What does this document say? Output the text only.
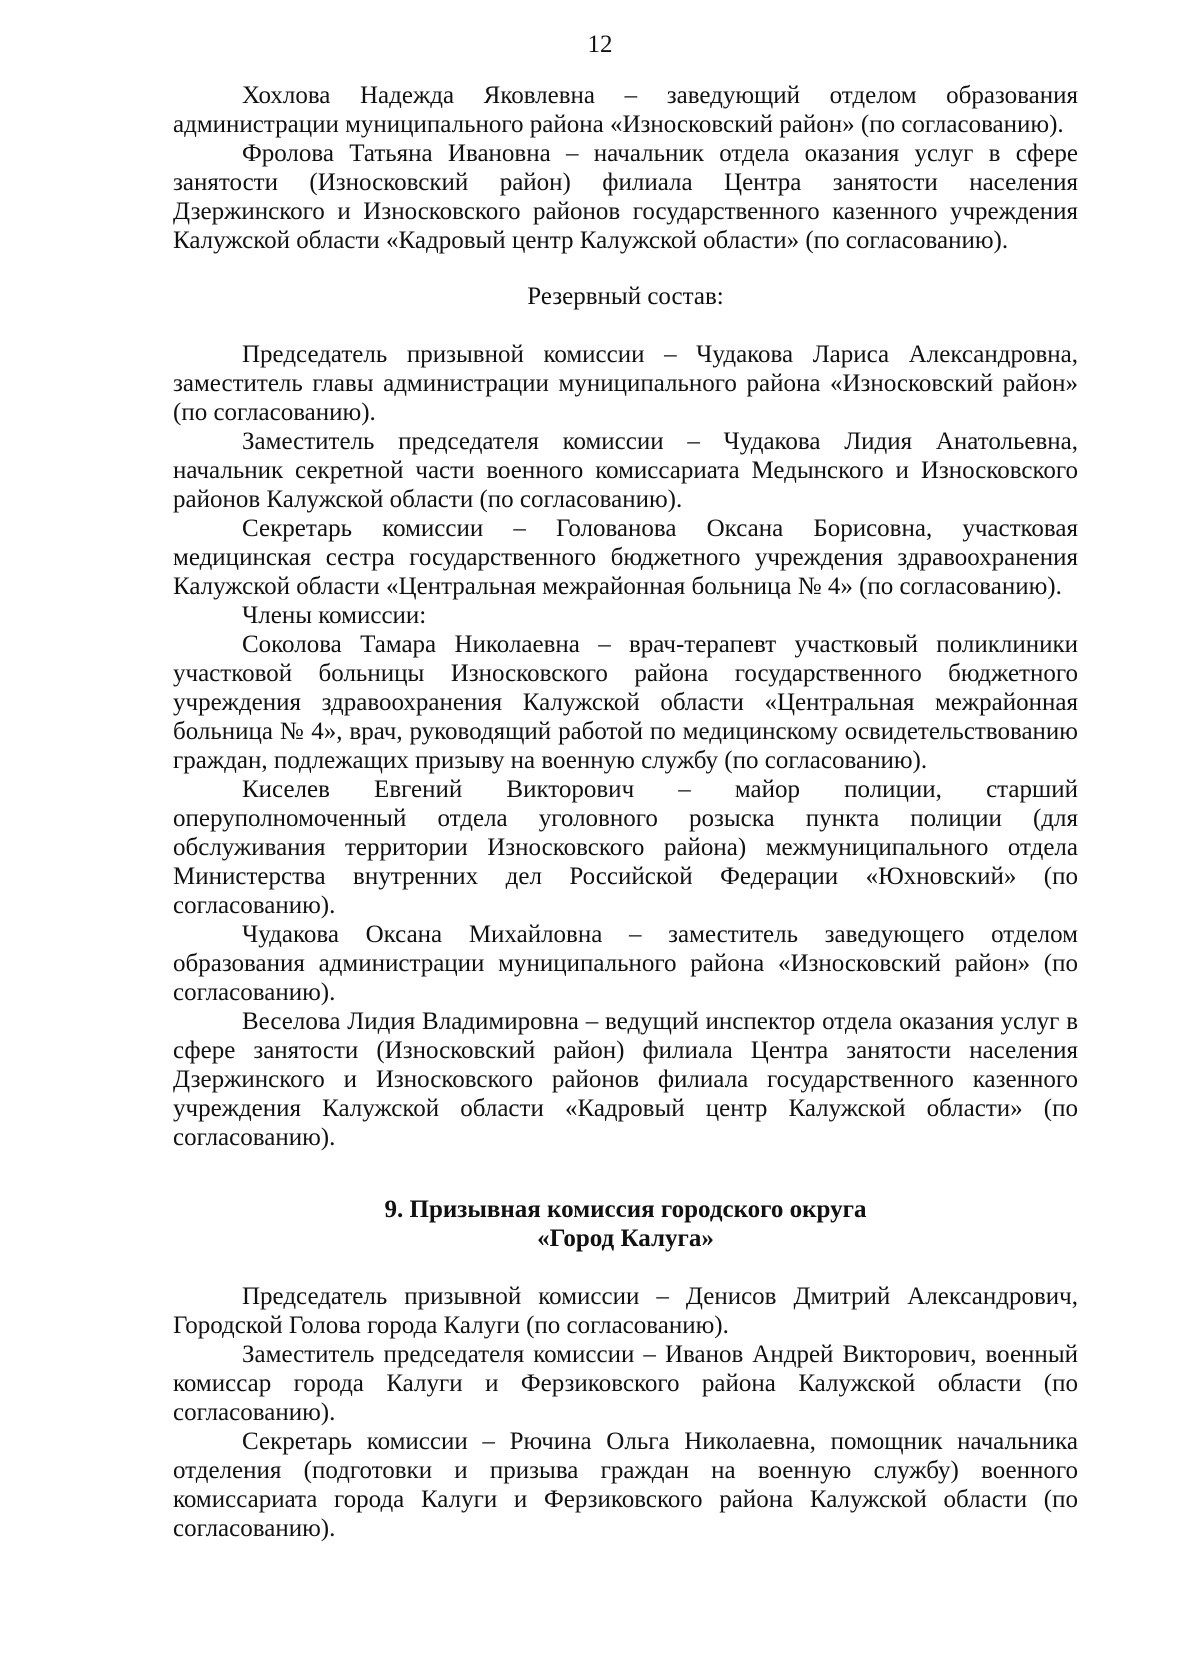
12

Хохлова Надежда Яковлевна – заведующий отделом образования администрации муниципального района «Износковский район» (по согласованию).

Фролова Татьяна Ивановна – начальник отдела оказания услуг в сфере занятости (Износковский район) филиала Центра занятости населения Дзержинского и Износковского районов государственного казенного учреждения Калужской области «Кадровый центр Калужской области» (по согласованию).

Резервный состав:

Председатель призывной комиссии – Чудакова Лариса Александровна, заместитель главы администрации муниципального района «Износковский район» (по согласованию).

Заместитель председателя комиссии – Чудакова Лидия Анатольевна, начальник секретной части военного комиссариата Медынского и Износковского районов Калужской области (по согласованию).

Секретарь комиссии – Голованова Оксана Борисовна, участковая медицинская сестра государственного бюджетного учреждения здравоохранения Калужской области «Центральная межрайонная больница № 4» (по согласованию).

Члены комиссии:

Соколова Тамара Николаевна – врач-терапевт участковый поликлиники участковой больницы Износковского района государственного бюджетного учреждения здравоохранения Калужской области «Центральная межрайонная больница № 4», врач, руководящий работой по медицинскому освидетельствованию граждан, подлежащих призыву на военную службу (по согласованию).

Киселев Евгений Викторович – майор полиции, старший оперуполномоченный отдела уголовного розыска пункта полиции (для обслуживания территории Износковского района) межмуниципального отдела Министерства внутренних дел Российской Федерации «Юхновский» (по согласованию).

Чудакова Оксана Михайловна – заместитель заведующего отделом образования администрации муниципального района «Износковский район» (по согласованию).

Веселова Лидия Владимировна – ведущий инспектор отдела оказания услуг в сфере занятости (Износковский район) филиала Центра занятости населения Дзержинского и Износковского районов филиала государственного казенного учреждения Калужской области «Кадровый центр Калужской области» (по согласованию).

9. Призывная комиссия городского округа

«Город Калуга»

Председатель призывной комиссии – Денисов Дмитрий Александрович, Городской Голова города Калуги (по согласованию).

Заместитель председателя комиссии – Иванов Андрей Викторович, военный комиссар города Калуги и Ферзиковского района Калужской области (по согласованию).

Секретарь комиссии – Рючина Ольга Николаевна, помощник начальника отделения (подготовки и призыва граждан на военную службу) военного комиссариата города Калуги и Ферзиковского района Калужской области (по согласованию).
